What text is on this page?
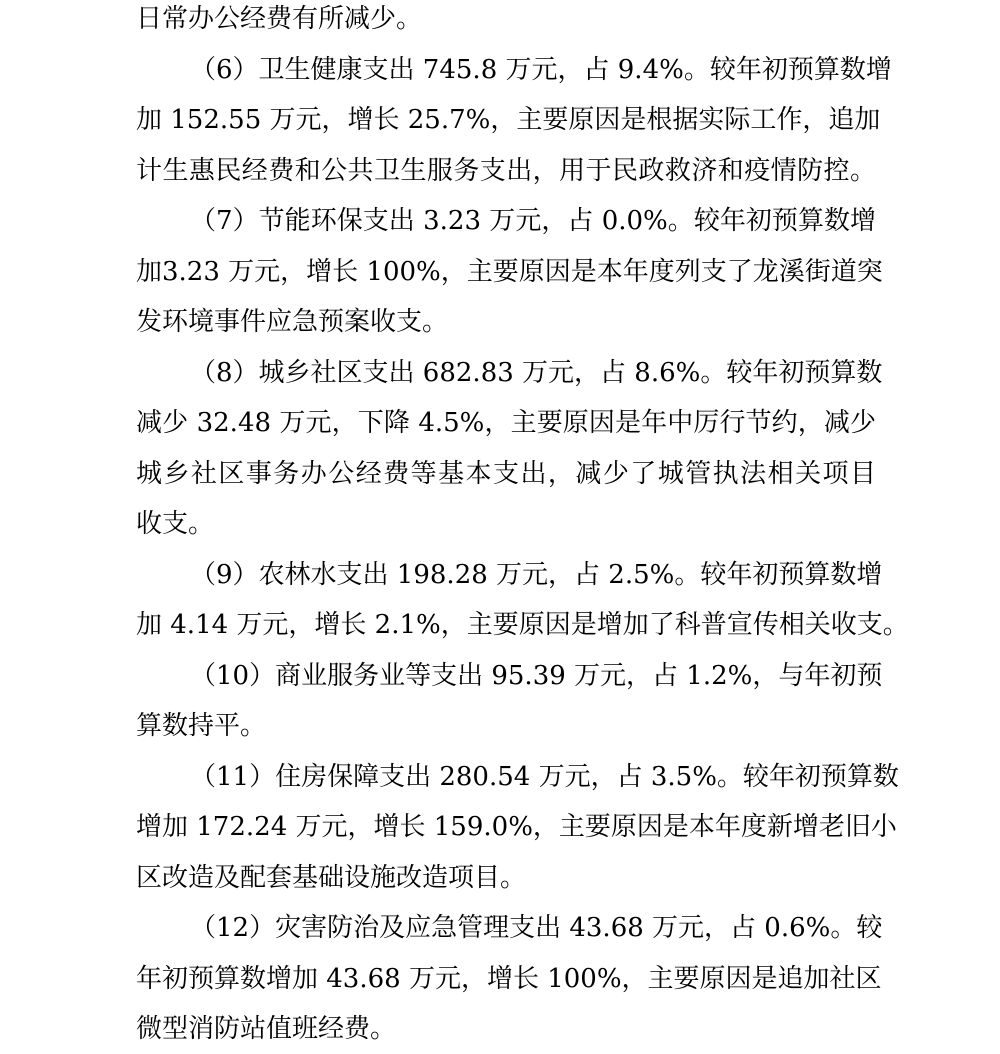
日常办公经费有所减少。
（6）卫生健康支出 745.8 万元，占 9.4%。较年初预算数增
加 152.55 万元，增长 25.7%，主要原因是根据实际工作，追加
计生惠民经费和公共卫生服务支出，用于民政救济和疫情防控。
（7）节能环保支出 3.23 万元，占 0.0%。较年初预算数增
加3.23 万元，增长 100%，主要原因是本年度列支了龙溪街道突
发环境事件应急预案收支。
（8）城乡社区支出 682.83 万元，占 8.6%。较年初预算数
减少 32.48 万元，下降 4.5%，主要原因是年中厉行节约，减少
城乡社区事务办公经费等基本支出，减少了城管执法相关项目
收支。
（9）农林水支出 198.28 万元，占 2.5%。较年初预算数增
加 4.14 万元，增长 2.1%，主要原因是增加了科普宣传相关收支。
（10）商业服务业等支出 95.39 万元，占 1.2%，与年初预
算数持平。
（11）住房保障支出 280.54 万元，占 3.5%。较年初预算数
增加 172.24 万元，增长 159.0%，主要原因是本年度新增老旧小
区改造及配套基础设施改造项目。
（12）灾害防治及应急管理支出 43.68 万元，占 0.6%。较
年初预算数增加 43.68 万元，增长 100%，主要原因是追加社区
微型消防站值班经费。
